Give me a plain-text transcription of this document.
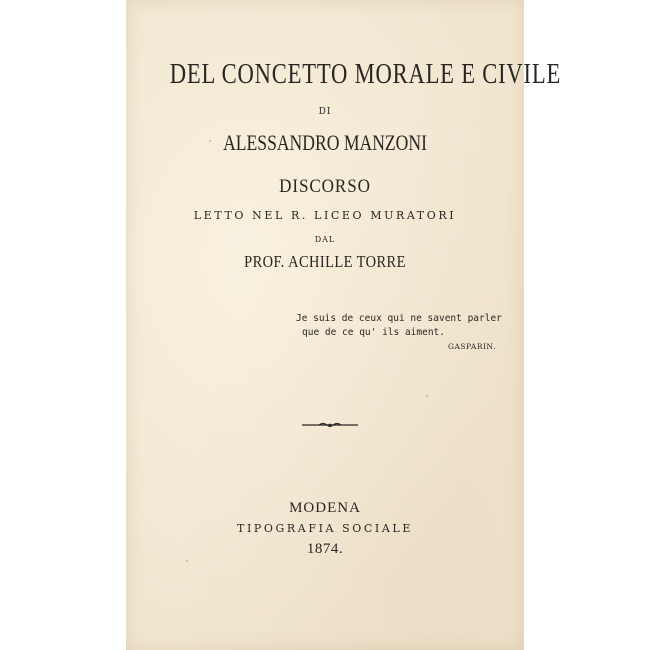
DEL CONCETTO MORALE E CIVILE
DI
ALESSANDRO MANZONI
DISCORSO
LETTO NEL R. LICEO MURATORI
DAL
PROF. ACHILLE TORRE
Je suis de ceux qui ne savent parler
que de ce qu' ils aiment.
GASPARIN.
MODENA
TIPOGRAFIA SOCIALE
1874.
